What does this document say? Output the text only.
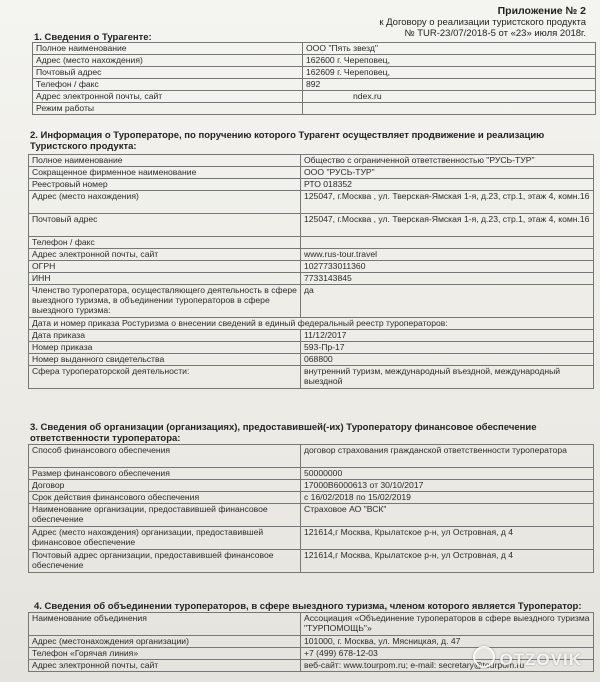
Приложение № 2
к Договору о реализации туристского продукта
№ TUR-23/07/2018-5 от «23» июля 2018г.
1. Сведения о Турагенте:
Полное наименование	ООО "Пять звезд"
Адрес (место нахождения)	162600 г. Череповец,
Почтовый адрес	162609 г. Череповец,
Телефон / факс	892
Адрес электронной почты, сайт	ndex.ru
Режим работы	
2. Информация о Туроператоре, по поручению которого Турагент осуществляет продвижение и реализацию Туристского продукта:
Полное наименование	Общество с ограниченной ответственностью "РУСЬ-ТУР"
Сокращенное фирменное наименование	ООО "РУСЬ-ТУР"
Реестровый номер	РТО 018352
Адрес (место нахождения)	125047, г.Москва , ул. Тверская-Ямская 1-я, д.23, стр.1, этаж 4, комн.16
Почтовый адрес	125047, г.Москва , ул. Тверская-Ямская 1-я, д.23, стр.1, этаж 4, комн.16
Телефон / факс	
Адрес электронной почты, сайт	www.rus-tour.travel
ОГРН	1027733011360
ИНН	7733143845
Членство туроператора, осуществляющего деятельность в сфере выездного туризма, в объединении туроператоров в сфере выездного туризма:	да
Дата и номер приказа Ростуризма о внесении сведений в единый федеральный реестр туроператоров:	
Дата приказа	11/12/2017
Номер приказа	593-Пр-17
Номер выданного свидетельства	068800
Сфера туроператорской деятельности:	внутренний туризм, международный въездной, международный выездной
3. Сведения об организации (организациях), предоставившей(-их) Туроператору финансовое обеспечение ответственности туроператора:
Способ финансового обеспечения	договор страхования гражданской ответственности туроператора
Размер финансового обеспечения	50000000
Договор	17000B6000613 от 30/10/2017
Срок действия финансового обеспечения	с 16/02/2018 по 15/02/2019
Наименование организации, предоставившей финансовое обеспечение	Страховое АО "ВСК"
Адрес (место нахождения) организации, предоставившей финансовое обеспечение	121614,г Москва, Крылатское р-н, ул Островная, д 4
Почтовый адрес организации, предоставившей финансовое обеспечение	121614,г Москва, Крылатское р-н, ул Островная, д 4
4. Сведения об объединении туроператоров, в сфере выездного туризма, членом которого является Туроператор:
Наименование объединения	Ассоциация «Объединение туроператоров в сфере выездного туризма "ТУРПОМОЩЬ"»
Адрес (местонахождения организации)	101000, г. Москва, ул. Мясницкая, д. 47
Телефон «Горячая линия»	+7 (499) 678-12-03
Адрес электронной почты, сайт	веб-сайт: www.tourpom.ru; e-mail: secretary@tourpom.ru
OTZOVIK
